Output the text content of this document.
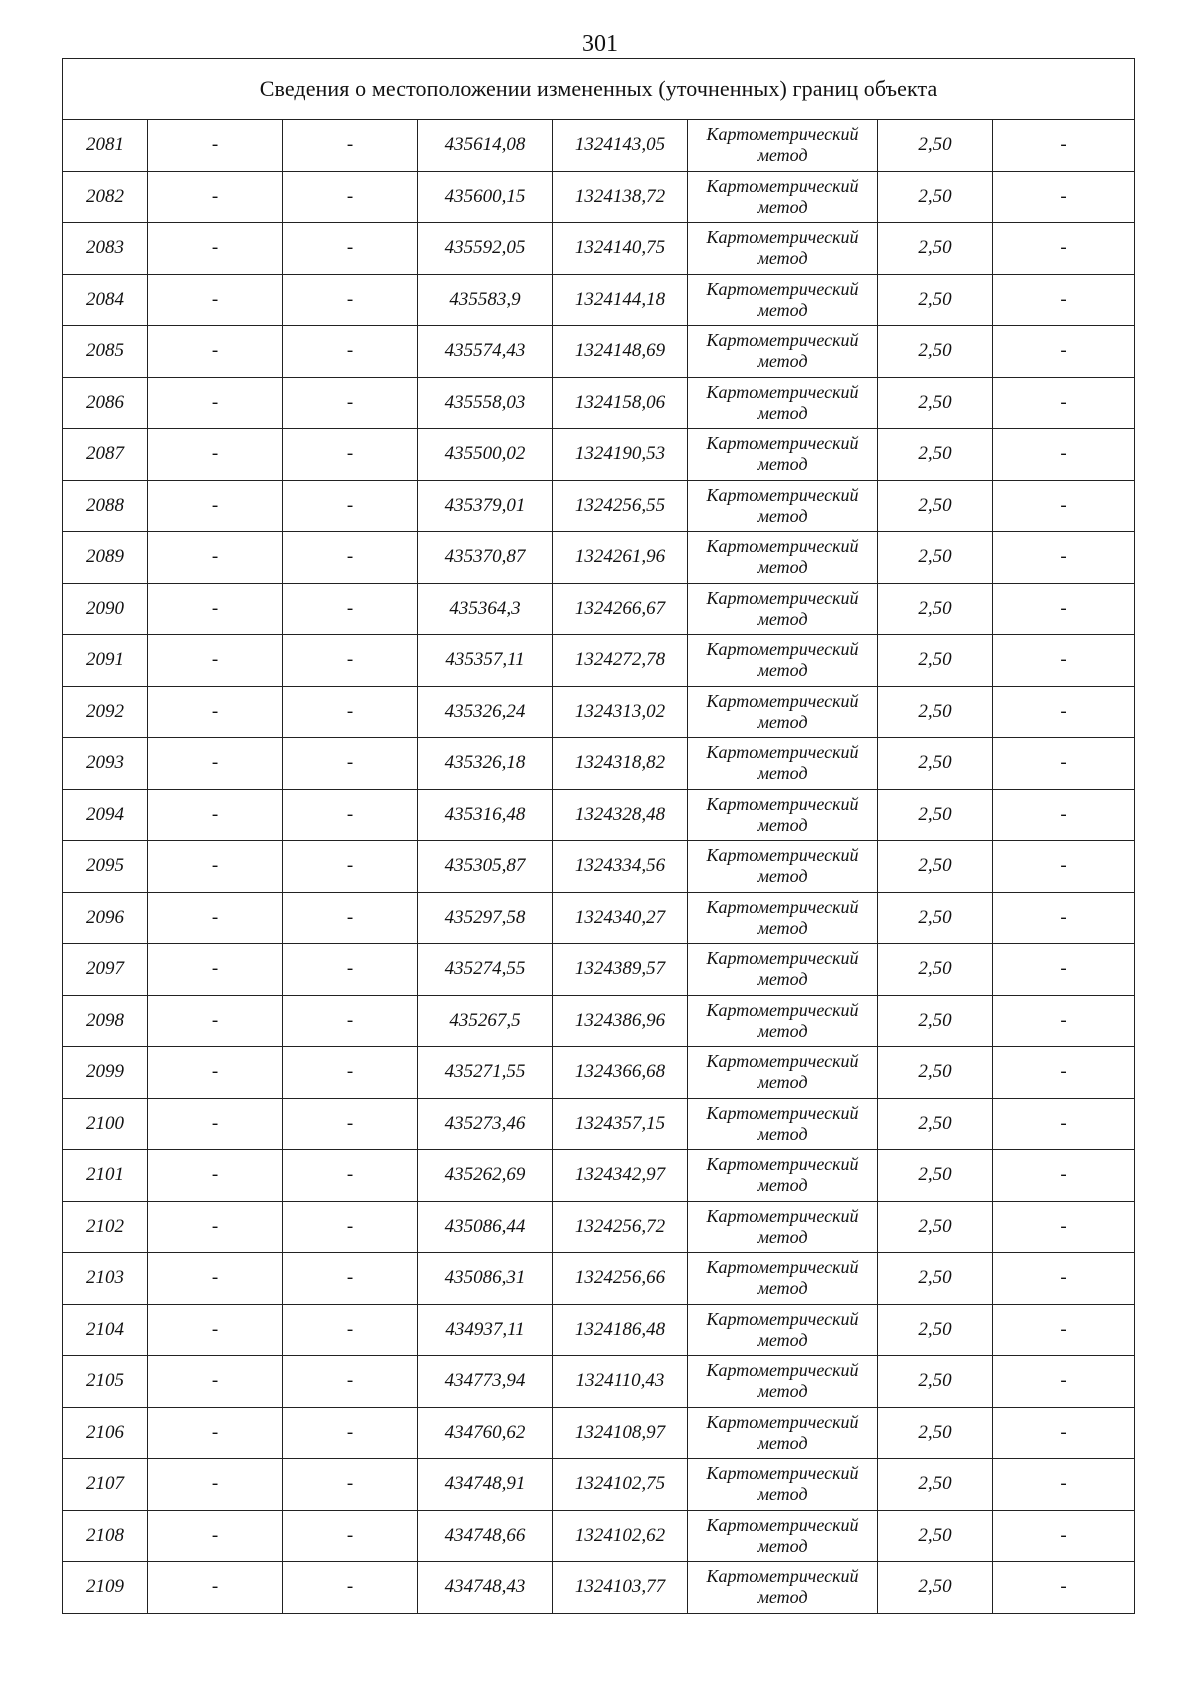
301
Сведения о местоположении измененных (уточненных) границ объекта							
2081	-	-	435614,08	1324143,05	Картометрический метод	2,50	-
2082	-	-	435600,15	1324138,72	Картометрический метод	2,50	-
2083	-	-	435592,05	1324140,75	Картометрический метод	2,50	-
2084	-	-	435583,9	1324144,18	Картометрический метод	2,50	-
2085	-	-	435574,43	1324148,69	Картометрический метод	2,50	-
2086	-	-	435558,03	1324158,06	Картометрический метод	2,50	-
2087	-	-	435500,02	1324190,53	Картометрический метод	2,50	-
2088	-	-	435379,01	1324256,55	Картометрический метод	2,50	-
2089	-	-	435370,87	1324261,96	Картометрический метод	2,50	-
2090	-	-	435364,3	1324266,67	Картометрический метод	2,50	-
2091	-	-	435357,11	1324272,78	Картометрический метод	2,50	-
2092	-	-	435326,24	1324313,02	Картометрический метод	2,50	-
2093	-	-	435326,18	1324318,82	Картометрический метод	2,50	-
2094	-	-	435316,48	1324328,48	Картометрический метод	2,50	-
2095	-	-	435305,87	1324334,56	Картометрический метод	2,50	-
2096	-	-	435297,58	1324340,27	Картометрический метод	2,50	-
2097	-	-	435274,55	1324389,57	Картометрический метод	2,50	-
2098	-	-	435267,5	1324386,96	Картометрический метод	2,50	-
2099	-	-	435271,55	1324366,68	Картометрический метод	2,50	-
2100	-	-	435273,46	1324357,15	Картометрический метод	2,50	-
2101	-	-	435262,69	1324342,97	Картометрический метод	2,50	-
2102	-	-	435086,44	1324256,72	Картометрический метод	2,50	-
2103	-	-	435086,31	1324256,66	Картометрический метод	2,50	-
2104	-	-	434937,11	1324186,48	Картометрический метод	2,50	-
2105	-	-	434773,94	1324110,43	Картометрический метод	2,50	-
2106	-	-	434760,62	1324108,97	Картометрический метод	2,50	-
2107	-	-	434748,91	1324102,75	Картометрический метод	2,50	-
2108	-	-	434748,66	1324102,62	Картометрический метод	2,50	-
2109	-	-	434748,43	1324103,77	Картометрический метод	2,50	-
